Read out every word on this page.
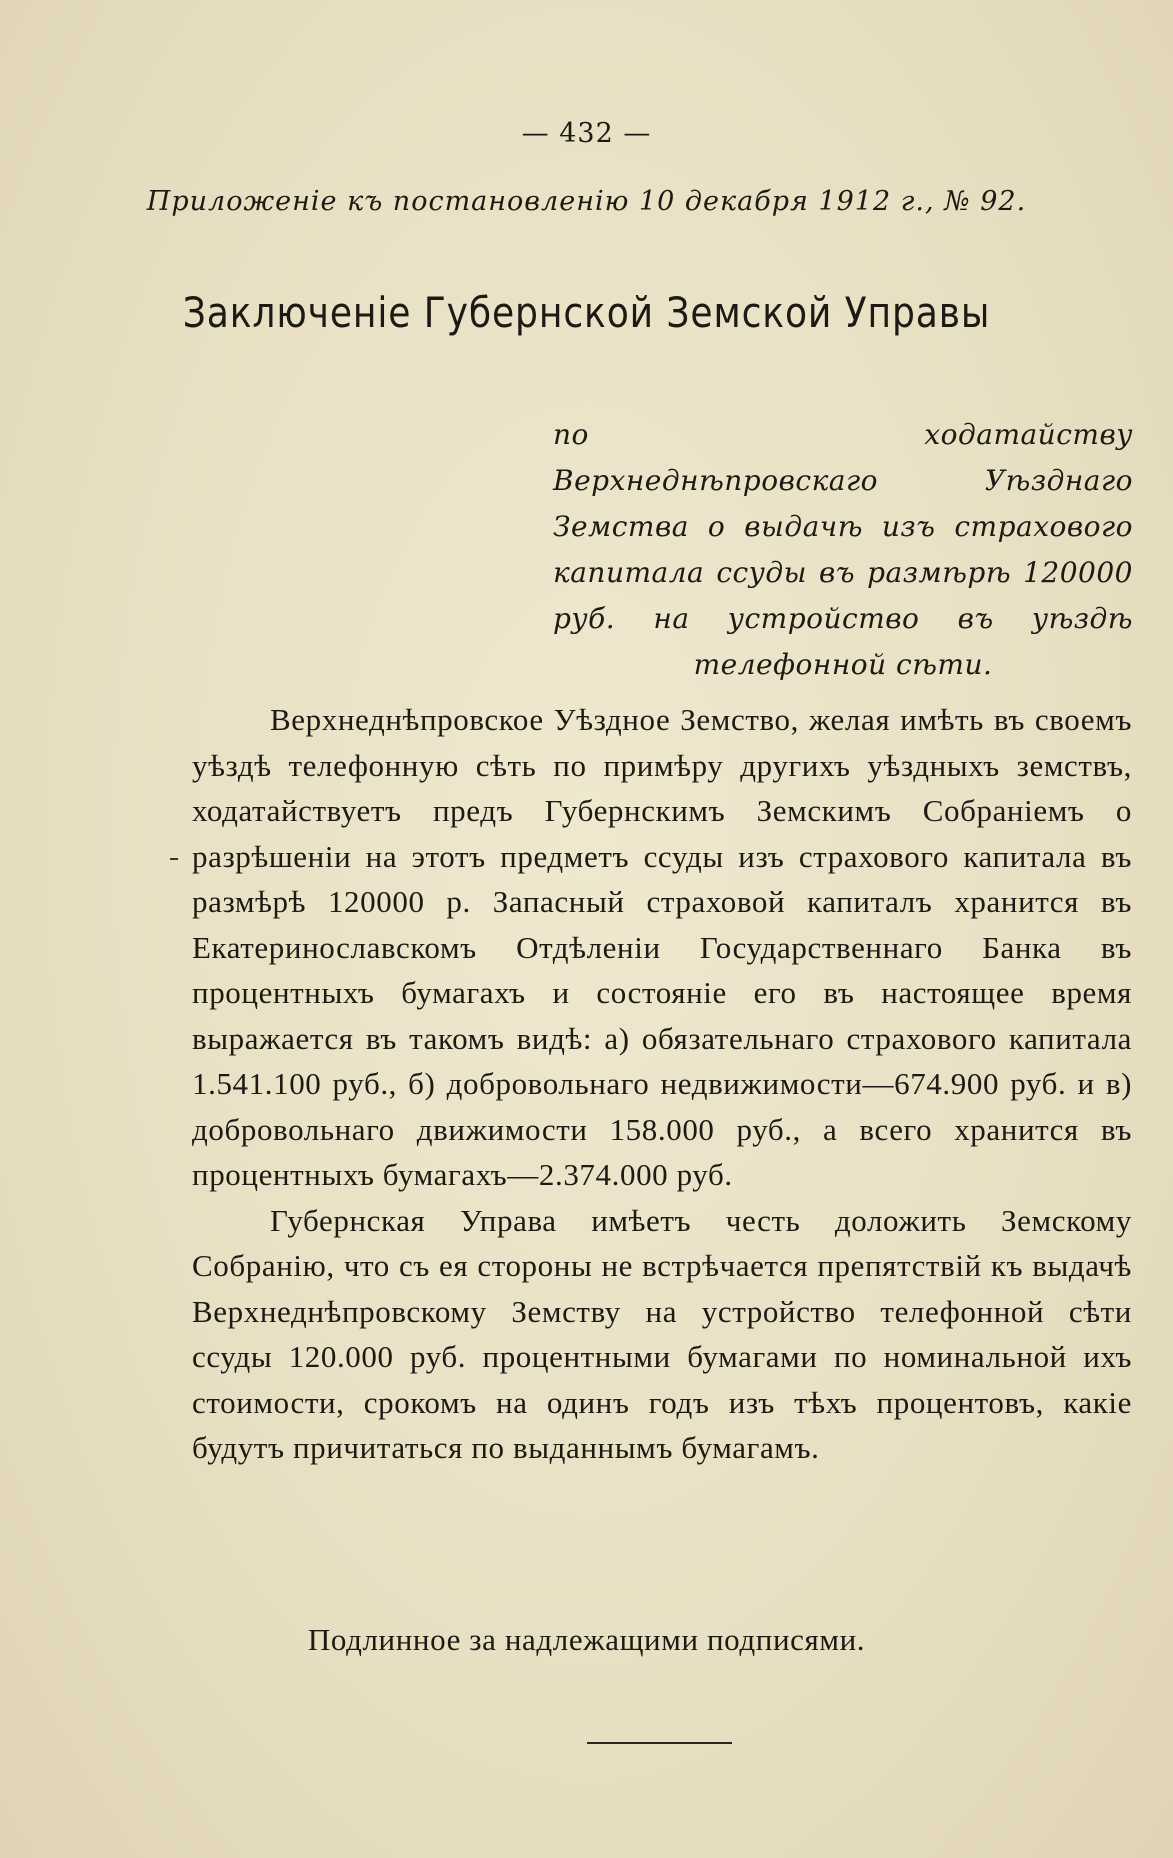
— 432 —
Приложеніе къ постановленію 10 декабря 1912 г., № 92.
Заключеніе Губернской Земской Управы
по ходатайству Верхнеднѣпровскаго Уѣзднаго Земства о выдачѣ изъ страхового капитала ссуды въ размѣрѣ 120000 руб. на устройство въ уѣздѣ телефонной сѣти.

Верхнеднѣпровское Уѣздное Земство, желая имѣть въ своемъ уѣздѣ телефонную сѣть по примѣру другихъ уѣздныхъ земствъ, ходатайствуетъ предъ Губернскимъ Земскимъ Собраніемъ о разрѣшеніи на этотъ предметъ ссуды изъ страхового капитала въ размѣрѣ 120000 р. Запасный страховой капиталъ хранится въ Екатеринославскомъ Отдѣленіи Государственнаго Банка въ процентныхъ бумагахъ и состояніе его въ настоящее время выражается въ такомъ видѣ: а) обязательнаго страхового капитала 1.541.100 руб., б) добровольнаго недвижимости—674.900 руб. и в) добровольнаго движимости 158.000 руб., а всего хранится въ процентныхъ бумагахъ—2.374.000 руб.

Губернская Управа имѣетъ честь доложить Земскому Собранію, что съ ея стороны не встрѣчается препятствій къ выдачѣ Верхнеднѣпровскому Земству на устройство телефонной сѣти ссуды 120.000 руб. процентными бумагами по номинальной ихъ стоимости, срокомъ на одинъ годъ изъ тѣхъ процентовъ, какіе будутъ причитаться по выданнымъ бумагамъ.

Подлинное за надлежащими подписями.
